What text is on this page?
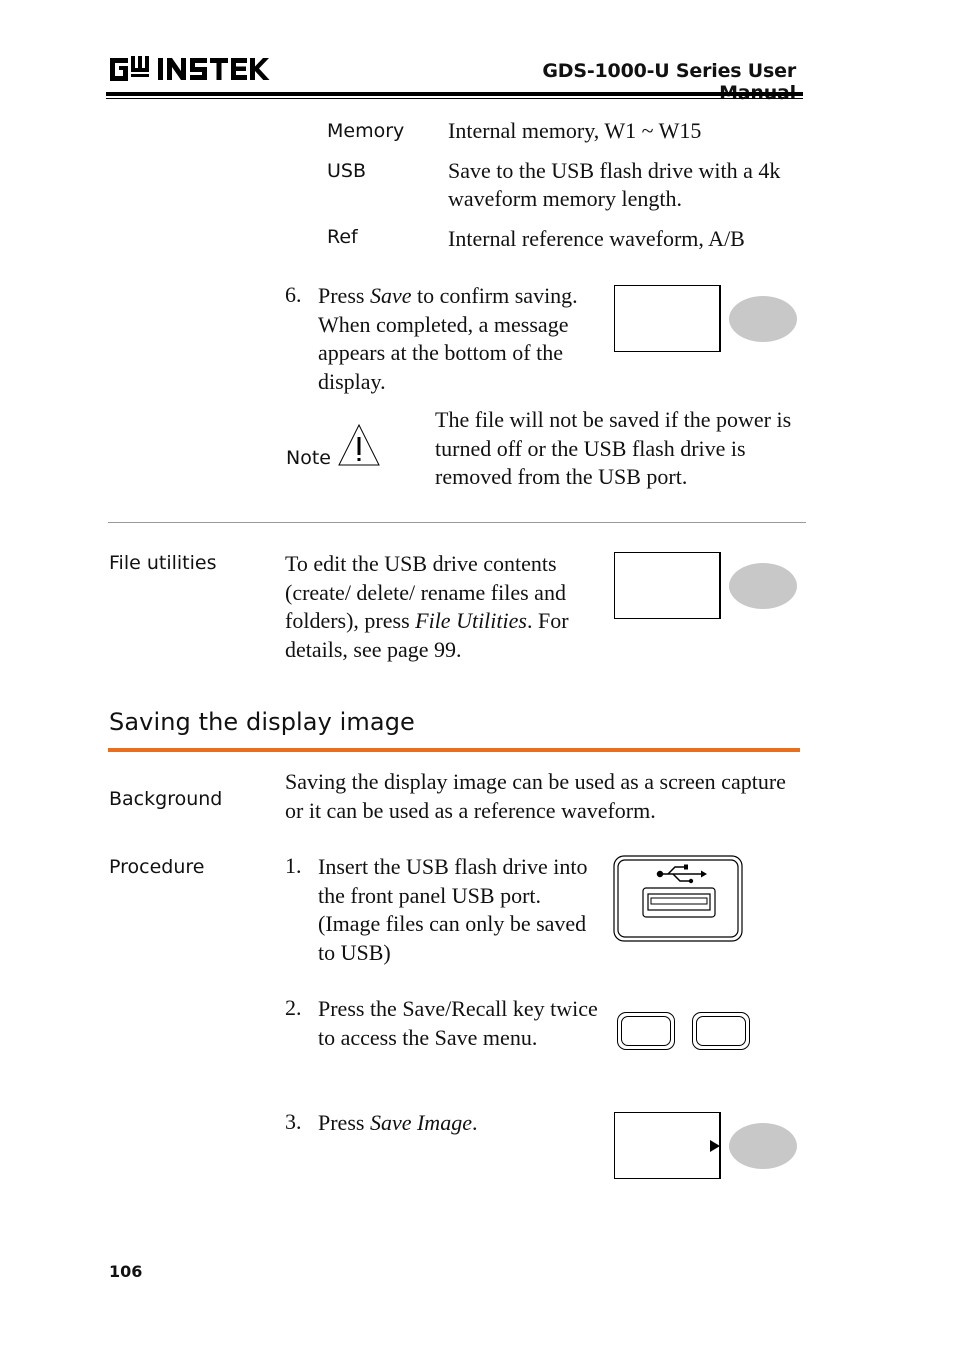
GDS-1000-U Series User
Memory Internal memory, W1 ~ W15
USB	Save to the USB flash drive with a 4k waveform memory length.
Ref	Internal reference waveform, A/B
6. Press Save to confirm saving. When completed, a message appears at the bottom of the display.
Note
The file will not be saved if the power is turned off or the USB flash drive is removed from the USB port.
File utilities	To edit the USB drive contents (create/ delete/ rename files and folders), press File Utilities. For details, see page 99.
Saving the display image
Background
Saving the display image can be used as a screen capture or it can be used as a reference waveform.
Procedure	1. Insert the USB flash drive into the front panel USB port. (Image files can only be saved to USB)
2. Press the Save/Recall key twice to access the Save menu.
3. Press Save Image.
106
